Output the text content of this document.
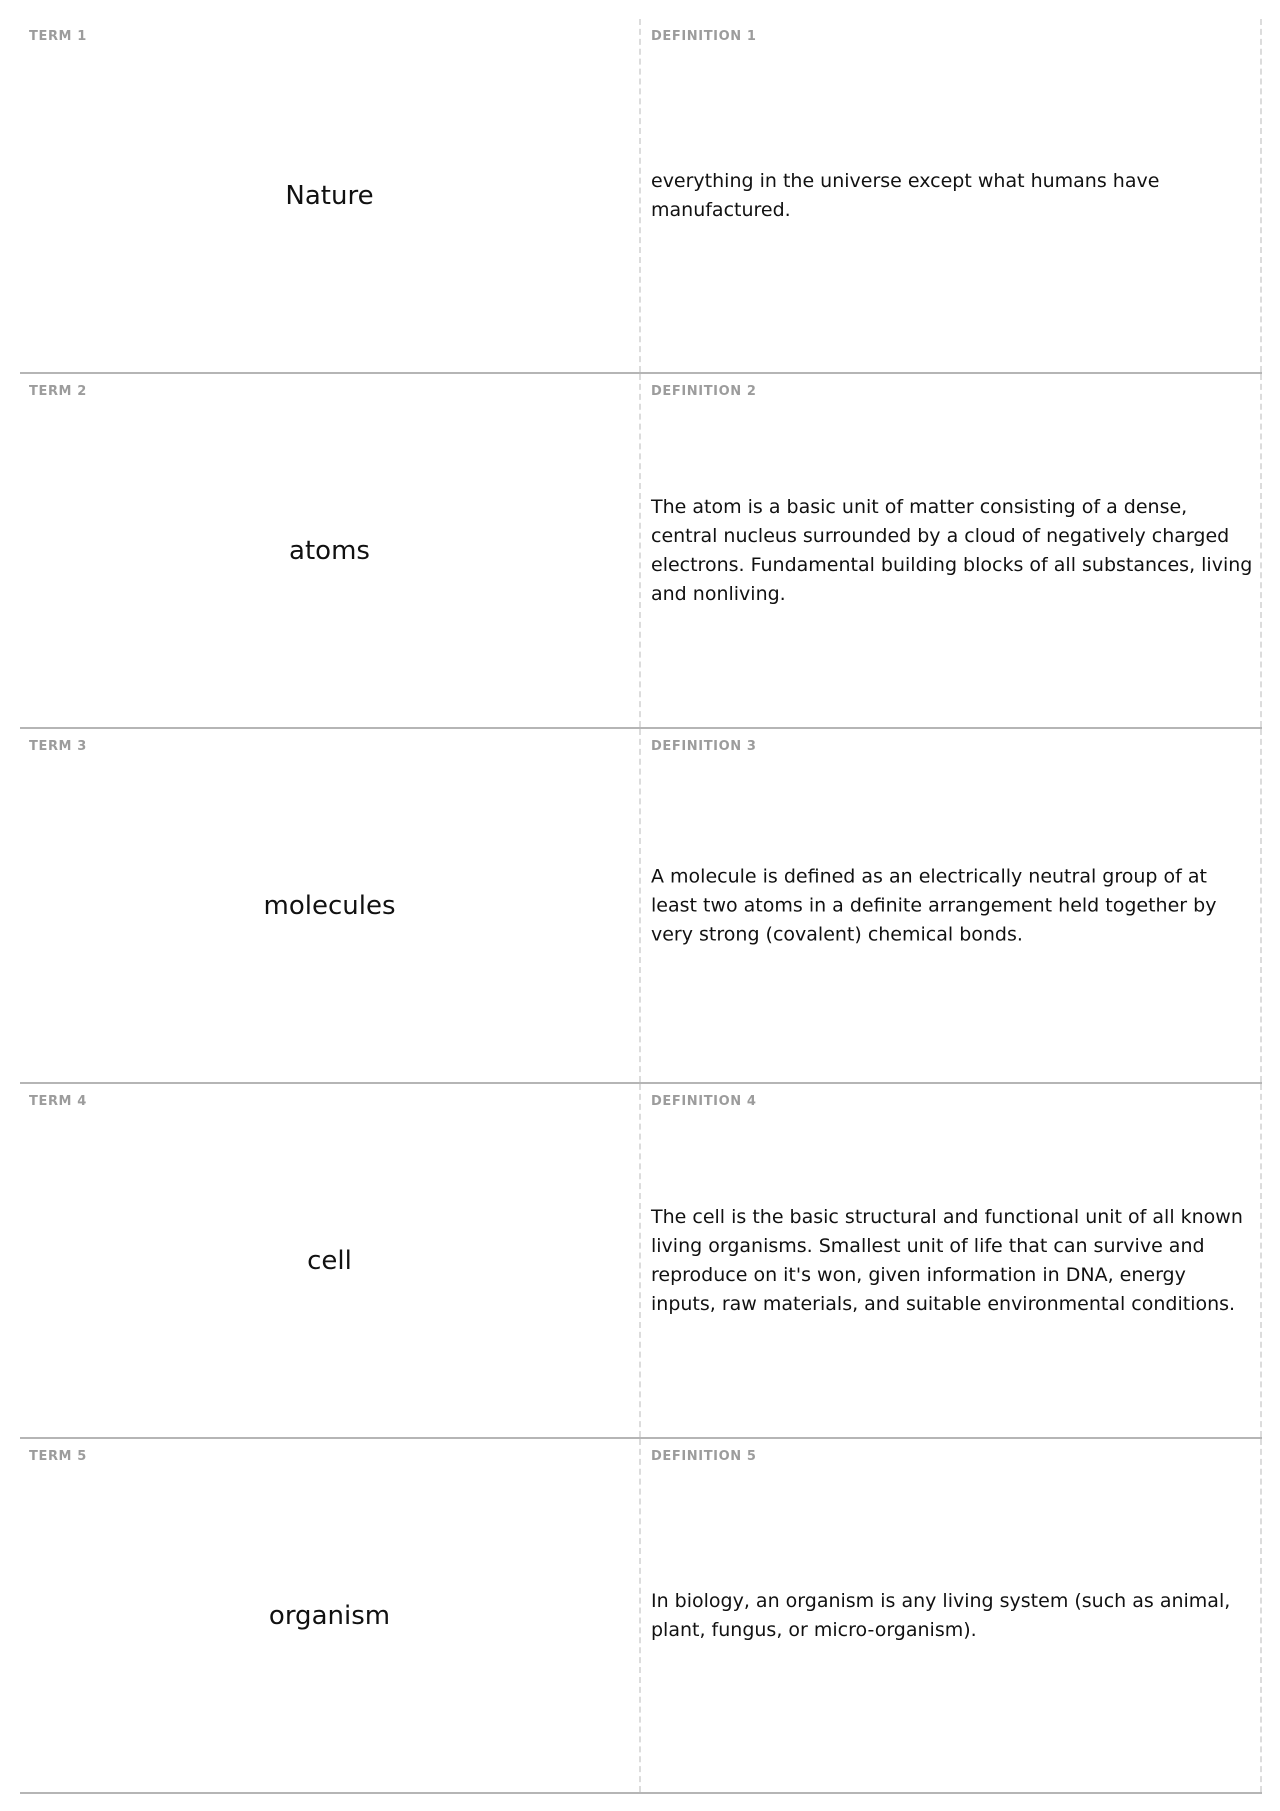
TERM 1
Nature
DEFINITION 1
everything in the universe except what humans have manufactured.
TERM 2
atoms
DEFINITION 2
The atom is a basic unit of matter consisting of a dense, central nucleus surrounded by a cloud of negatively charged electrons. Fundamental building blocks of all substances, living and nonliving.
TERM 3
molecules
DEFINITION 3
A molecule is defined as an electrically neutral group of at least two atoms in a definite arrangement held together by very strong (covalent) chemical bonds.
TERM 4
cell
DEFINITION 4
The cell is the basic structural and functional unit of all known living organisms. Smallest unit of life that can survive and reproduce on it's won, given information in DNA, energy inputs, raw materials, and suitable environmental conditions.
TERM 5
organism
DEFINITION 5
In biology, an organism is any living system (such as animal, plant, fungus, or micro-organism).
